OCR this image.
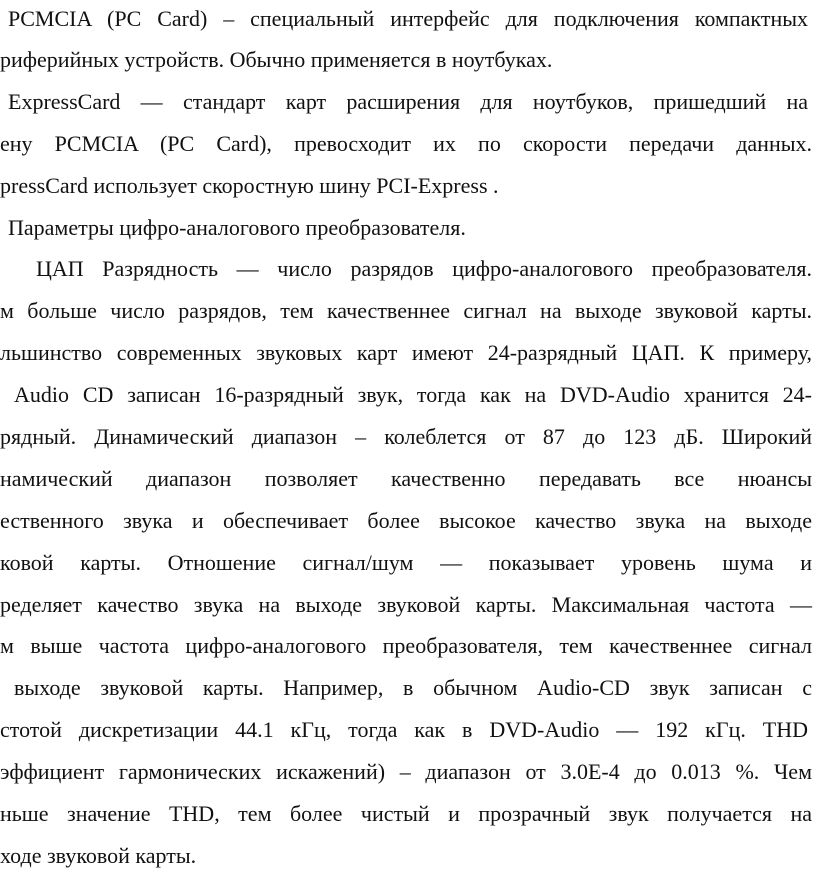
PCMCIA (PC Card) – специальный интерфейс для подключения компактных
риферийных устройств. Обычно применяется в ноутбуках.
ExpressCard — стандарт карт расширения для ноутбуков, пришедший на
ену PCMCIA (PC Card), превосходит их по скорости передачи данных.
pressCard использует скоростную шину PCI-Express .
Параметры цифро-аналогового преобразователя.
ЦАП Разрядность — число разрядов цифро-аналогового преобразователя.
м больше число разрядов, тем качественнее сигнал на выходе звуковой карты.
льшинство современных звуковых карт имеют 24-разрядный ЦАП. К примеру,
Audio CD записан 16-разрядный звук, тогда как на DVD-Audio хранится 24-
рядный. Динамический диапазон – колеблется от 87 до 123 дБ. Широкий
намический диапазон позволяет качественно передавать все нюансы
ественного звука и обеспечивает более высокое качество звука на выходе
ковой карты. Отношение сигнал/шум — показывает уровень шума и
ределяет качество звука на выходе звуковой карты. Максимальная частота —
м выше частота цифро-аналогового преобразователя, тем качественнее сигнал
выходе звуковой карты. Например, в обычном Audio-CD звук записан с
стотой дискретизации 44.1 кГц, тогда как в DVD-Audio — 192 кГц. THD
эффициент гармонических искажений) – диапазон от 3.0E-4 до 0.013 %. Чем
ньше значение THD, тем более чистый и прозрачный звук получается на
ходе звуковой карты.
